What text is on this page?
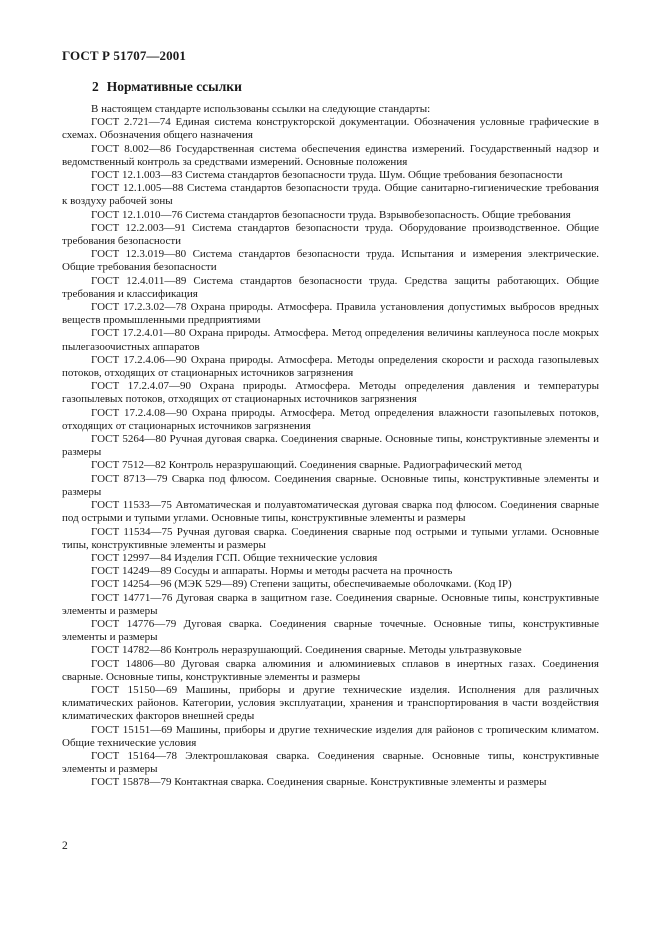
ГОСТ Р 51707—2001
2 Нормативные ссылки

В настоящем стандарте использованы ссылки на следующие стандарты:

ГОСТ 2.721—74 Единая система конструкторской документации. Обозначения условные графические в схемах. Обозначения общего назначения

ГОСТ 8.002—86 Государственная система обеспечения единства измерений. Государственный надзор и ведомственный контроль за средствами измерений. Основные положения

ГОСТ 12.1.003—83 Система стандартов безопасности труда. Шум. Общие требования безопасности

ГОСТ 12.1.005—88 Система стандартов безопасности труда. Общие санитарно-гигиенические требования к воздуху рабочей зоны

ГОСТ 12.1.010—76 Система стандартов безопасности труда. Взрывобезопасность. Общие требования

ГОСТ 12.2.003—91 Система стандартов безопасности труда. Оборудование производственное. Общие требования безопасности

ГОСТ 12.3.019—80 Система стандартов безопасности труда. Испытания и измерения электрические. Общие требования безопасности

ГОСТ 12.4.011—89 Система стандартов безопасности труда. Средства защиты работающих. Общие требования и классификация

ГОСТ 17.2.3.02—78 Охрана природы. Атмосфера. Правила установления допустимых выбросов вредных веществ промышленными предприятиями

ГОСТ 17.2.4.01—80 Охрана природы. Атмосфера. Метод определения величины каплеуноса после мокрых пылегазоочистных аппаратов

ГОСТ 17.2.4.06—90 Охрана природы. Атмосфера. Методы определения скорости и расхода газопылевых потоков, отходящих от стационарных источников загрязнения

ГОСТ 17.2.4.07—90 Охрана природы. Атмосфера. Методы определения давления и температуры газопылевых потоков, отходящих от стационарных источников загрязнения

ГОСТ 17.2.4.08—90 Охрана природы. Атмосфера. Метод определения влажности газопылевых потоков, отходящих от стационарных источников загрязнения

ГОСТ 5264—80 Ручная дуговая сварка. Соединения сварные. Основные типы, конструктивные элементы и размеры

ГОСТ 7512—82 Контроль неразрушающий. Соединения сварные. Радиографический метод

ГОСТ 8713—79 Сварка под флюсом. Соединения сварные. Основные типы, конструктивные элементы и размеры

ГОСТ 11533—75 Автоматическая и полуавтоматическая дуговая сварка под флюсом. Соединения сварные под острыми и тупыми углами. Основные типы, конструктивные элементы и размеры

ГОСТ 11534—75 Ручная дуговая сварка. Соединения сварные под острыми и тупыми углами. Основные типы, конструктивные элементы и размеры

ГОСТ 12997—84 Изделия ГСП. Общие технические условия

ГОСТ 14249—89 Сосуды и аппараты. Нормы и методы расчета на прочность

ГОСТ 14254—96 (МЭК 529—89) Степени защиты, обеспечиваемые оболочками. (Код IP)

ГОСТ 14771—76 Дуговая сварка в защитном газе. Соединения сварные. Основные типы, конструктивные элементы и размеры

ГОСТ 14776—79 Дуговая сварка. Соединения сварные точечные. Основные типы, конструктивные элементы и размеры

ГОСТ 14782—86 Контроль неразрушающий. Соединения сварные. Методы ультразвуковые

ГОСТ 14806—80 Дуговая сварка алюминия и алюминиевых сплавов в инертных газах. Соединения сварные. Основные типы, конструктивные элементы и размеры

ГОСТ 15150—69 Машины, приборы и другие технические изделия. Исполнения для различных климатических районов. Категории, условия эксплуатации, хранения и транспортирования в части воздействия климатических факторов внешней среды

ГОСТ 15151—69 Машины, приборы и другие технические изделия для районов с тропическим климатом. Общие технические условия

ГОСТ 15164—78 Электрошлаковая сварка. Соединения сварные. Основные типы, конструктивные элементы и размеры

ГОСТ 15878—79 Контактная сварка. Соединения сварные. Конструктивные элементы и размеры

2
